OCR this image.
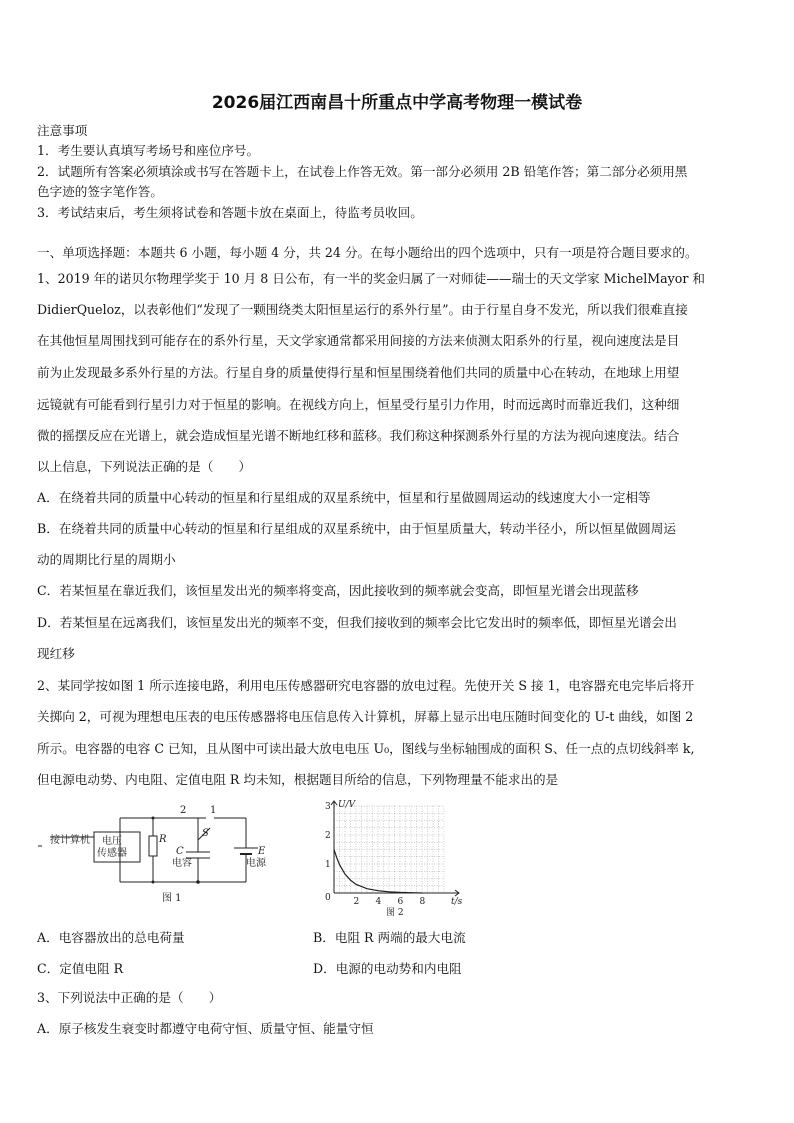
2026届江西南昌十所重点中学高考物理一模试卷
注意事项
1．考生要认真填写考场号和座位序号。
2．试题所有答案必须填涂或书写在答题卡上，在试卷上作答无效。第一部分必须用 2B 铅笔作答；第二部分必须用黑
色字迹的签字笔作答。
3．考试结束后，考生须将试卷和答题卡放在桌面上，待监考员收回。
一、单项选择题：本题共 6 小题，每小题 4 分，共 24 分。在每小题给出的四个选项中，只有一项是符合题目要求的。
1、2019 年的诺贝尔物理学奖于 10 月 8 日公布，有一半的奖金归属了一对师徒——瑞士的天文学家 MichelMayor 和
DidierQueloz，以表彰他们“发现了一颗围绕类太阳恒星运行的系外行星”。由于行星自身不发光，所以我们很难直接
在其他恒星周围找到可能存在的系外行星，天文学家通常都采用间接的方法来侦测太阳系外的行星，视向速度法是目
前为止发现最多系外行星的方法。行星自身的质量使得行星和恒星围绕着他们共同的质量中心在转动，在地球上用望
远镜就有可能看到行星引力对于恒星的影响。在视线方向上，恒星受行星引力作用，时而远离时而靠近我们，这种细
微的摇摆反应在光谱上，就会造成恒星光谱不断地红移和蓝移。我们称这种探测系外行星的方法为视向速度法。结合
以上信息，下列说法正确的是（　　）
A．在绕着共同的质量中心转动的恒星和行星组成的双星系统中，恒星和行星做圆周运动的线速度大小一定相等
B．在绕着共同的质量中心转动的恒星和行星组成的双星系统中，由于恒星质量大，转动半径小，所以恒星做圆周运
动的周期比行星的周期小
C．若某恒星在靠近我们，该恒星发出光的频率将变高，因此接收到的频率就会变高，即恒星光谱会出现蓝移
D．若某恒星在远离我们，该恒星发出光的频率不变，但我们接收到的频率会比它发出时的频率低，即恒星光谱会出
现红移
2、某同学按如图 1 所示连接电路，利用电压传感器研究电容器的放电过程。先使开关 S 接 1，电容器充电完毕后将开
关掷向 2，可视为理想电压表的电压传感器将电压信息传入计算机，屏幕上显示出电压随时间变化的 U-t 曲线，如图 2
所示。电容器的电容 C 已知，且从图中可读出最大放电电压 U₀，图线与坐标轴围成的面积 S、任一点的点切线斜率 k,
但电源电动势、内电阻、定值电阻 R 均未知，根据题目所给的信息，下列物理量不能求出的是
接计算机 电压
传感器
R
C
电容
E
电源
S
2 1
图 1	2 4 6 8
1
2
3 U/V
t/s
0
图 2
A．电容器放出的总电荷量	B．电阻 R 两端的最大电流
C．定值电阻 R	D．电源的电动势和内电阻
3、下列说法中正确的是（　　）
A．原子核发生衰变时都遵守电荷守恒、质量守恒、能量守恒
